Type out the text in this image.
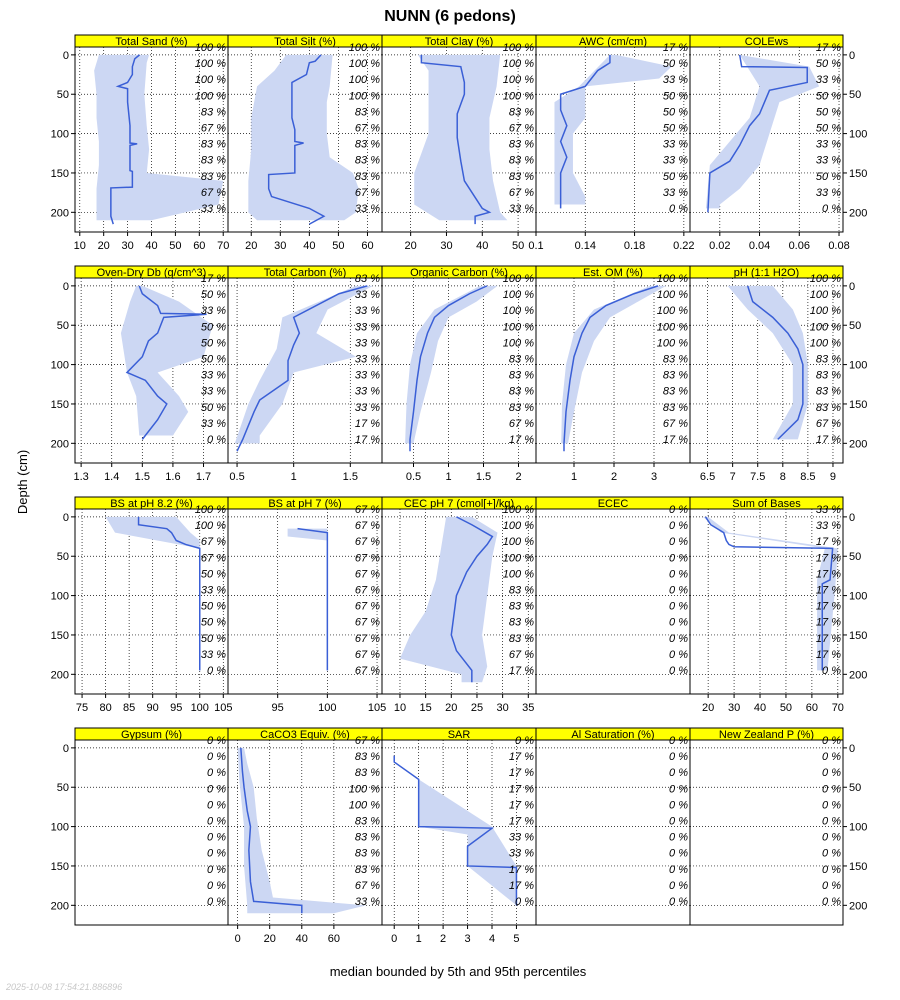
NUNN (6 pedons)
Total Sand (%) 100 %
100 %
100 %
100 %
83 %
67 %
83 %
83 %
83 %
67 %
33 %
10 20 30 40 50 60 70
0
50
100
150
200
Total Silt (%) 100 %
100 %
100 %
100 %
83 %
67 %
83 %
83 %
83 %
67 %
33 %
20 30 40 50 60
Total Clay (%) 100 %
100 %
100 %
100 %
83 %
67 %
83 %
83 %
83 %
67 %
33 %
20 30 40 50
AWC (cm/cm) 17 %
50 %
33 %
50 %
50 %
50 %
33 %
33 %
50 %
33 %
0 %
0.1	0.14	0.18	0.22
COLEws	17 %
50 %
33 %
50 %
50 %
50 %
33 %
33 %
50 %
33 %
0 %
0.02 0.04 0.06 0.08
0
50
100
150
200
Oven-Dry Db (g/cm^3)
17 %
50 %
33 %
50 %
50 %
50 %
33 %
33 %
50 %
33 %
0 %
1.3 1.4 1.5 1.6 1.7
0
50
100
150
200
Total Carbon (%) 83 %
33 %
33 %
33 %
33 %
33 %
33 %
33 %
33 %
17 %
17 %
0.5	1	1.5
Organic Carbon (%)
100 %
100 %
100 %
100 %
100 %
83 %
83 %
83 %
83 %
67 %
17 %
0.5 1 1.5 2
Est. OM (%) 100 %
100 %
100 %
100 %
100 %
83 %
83 %
83 %
83 %
67 %
17 %
1	2	3
pH (1:1 H2O) 100 %
100 %
100 %
100 %
100 %
83 %
83 %
83 %
83 %
67 %
17 %
6.5 7 7.5 8 8.5 9
0
50
100
150
200
BS at pH 8.2 (%) 100 %
100 %
67 %
67 %
50 %
33 %
50 %
50 %
50 %
33 %
0 %
75 80 85 90 95 100 105
0
50
100
150
200
BS at pH 7 (%) 67 %
67 %
67 %
67 %
67 %
67 %
67 %
67 %
67 %
67 %
67 %
95	100	105
CEC pH 7 (cmol[+]/kg)
100 %
100 %
100 %
100 %
100 %
83 %
83 %
83 %
83 %
67 %
17 %
10 15 20 25 30 35
ECEC	0 %
0 %
0 %
0 %
0 %
0 %
0 %
0 %
0 %
0 %
0 %
Sum of Bases 33 %
33 %
17 %
17 %
17 %
17 %
17 %
17 %
17 %
17 %
0 %
20 30 40 50 60 70
0
50
100
150
200
Gypsum (%) 0 %
0 %
0 %
0 %
0 %
0 %
0 %
0 %
0 %
0 %
0 %
0
50
100
150
200
CaCO3 Equiv. (%) 67 %
83 %
83 %
100 %
100 %
83 %
83 %
83 %
83 %
67 %
33 %
0 20 40 60
SAR	0 %
17 %
17 %
17 %
17 %
17 %
33 %
33 %
17 %
17 %
0 %
0 1 2 3 4 5
Al Saturation (%) 0 %
0 %
0 %
0 %
0 %
0 %
0 %
0 %
0 %
0 %
0 %
New Zealand P (%) 0 %
0 %
0 %
0 %
0 %
0 %
0 %
0 %
0 %
0 %
0 %
0
50
100
150
200
Depth (cm)
median bounded by 5th and 95th percentiles
2025-10-08 17:54:21.886896
